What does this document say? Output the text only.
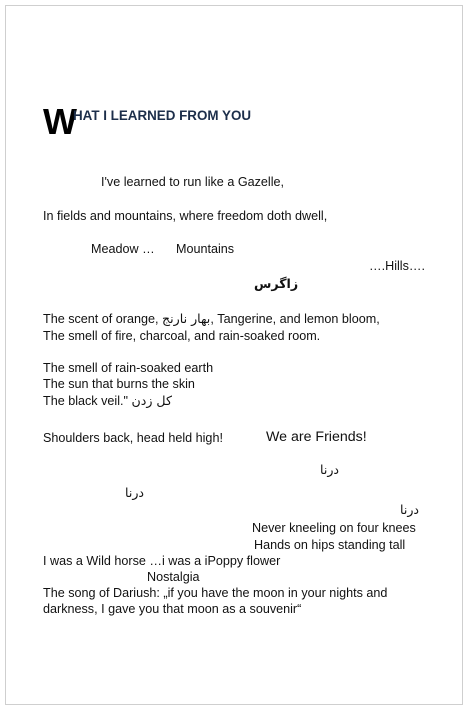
W
HAT I LEARNED FROM YOU
I've learned to run like a Gazelle,
In fields and mountains, where freedom doth dwell,
Meadow … Mountains
….Hills….
زاگرس
The scent of orange, بهار نارنج, Tangerine, and lemon bloom,
The smell of fire, charcoal, and rain-soaked room.
The smell of rain-soaked earth
The sun that burns the skin
The black veil." کل زدن
Shoulders back, head held high!	We are Friends!
درنا
درنا
درنا
Never kneeling on four knees
Hands on hips standing tall
I was a Wild horse …i was a iPoppy flower
Nostalgia
The song of Dariush: „if you have the moon in your nights and
darkness, I gave you that moon as a souvenir“
